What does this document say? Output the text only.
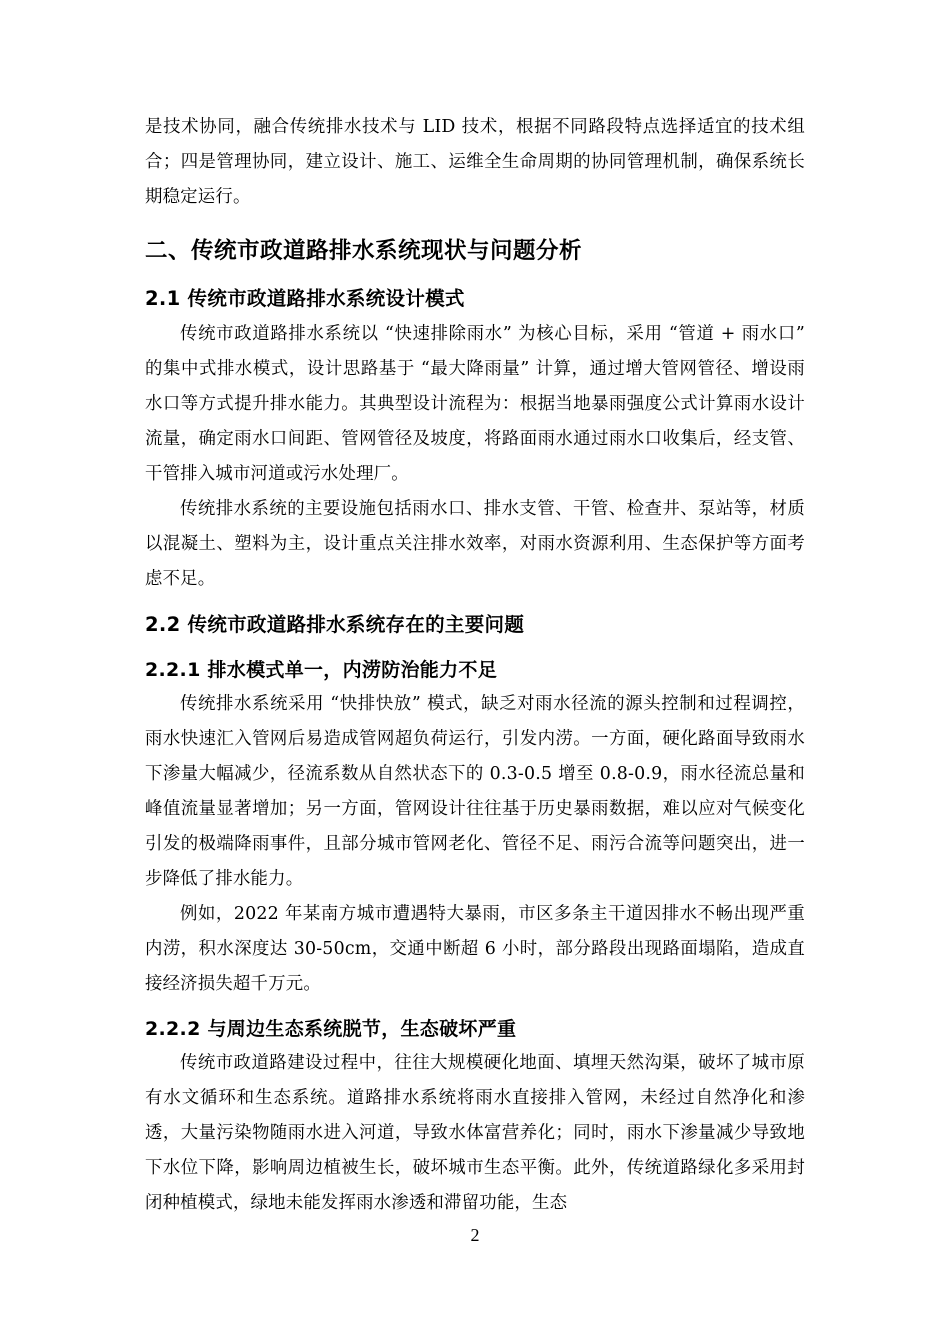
是技术协同，融合传统排水技术与 LID 技术，根据不同路段特点选择适宜的技术组合；四是管理协同，建立设计、施工、运维全生命周期的协同管理机制，确保系统长期稳定运行。

二、传统市政道路排水系统现状与问题分析
2.1 传统市政道路排水系统设计模式

传统市政道路排水系统以 “快速排除雨水” 为核心目标，采用 “管道 + 雨水口” 的集中式排水模式，设计思路基于 “最大降雨量” 计算，通过增大管网管径、增设雨水口等方式提升排水能力。其典型设计流程为：根据当地暴雨强度公式计算雨水设计流量，确定雨水口间距、管网管径及坡度，将路面雨水通过雨水口收集后，经支管、干管排入城市河道或污水处理厂。

传统排水系统的主要设施包括雨水口、排水支管、干管、检查井、泵站等，材质以混凝土、塑料为主，设计重点关注排水效率，对雨水资源利用、生态保护等方面考虑不足。

2.2 传统市政道路排水系统存在的主要问题
2.2.1 排水模式单一，内涝防治能力不足

传统排水系统采用 “快排快放” 模式，缺乏对雨水径流的源头控制和过程调控，雨水快速汇入管网后易造成管网超负荷运行，引发内涝。一方面，硬化路面导致雨水下渗量大幅减少，径流系数从自然状态下的 0.3-0.5 增至 0.8-0.9，雨水径流总量和峰值流量显著增加；另一方面，管网设计往往基于历史暴雨数据，难以应对气候变化引发的极端降雨事件，且部分城市管网老化、管径不足、雨污合流等问题突出，进一步降低了排水能力。

例如，2022 年某南方城市遭遇特大暴雨，市区多条主干道因排水不畅出现严重内涝，积水深度达 30-50cm，交通中断超 6 小时，部分路段出现路面塌陷，造成直接经济损失超千万元。

2.2.2 与周边生态系统脱节，生态破坏严重

传统市政道路建设过程中，往往大规模硬化地面、填埋天然沟渠，破坏了城市原有水文循环和生态系统。道路排水系统将雨水直接排入管网，未经过自然净化和渗透，大量污染物随雨水进入河道，导致水体富营养化；同时，雨水下渗量减少导致地下水位下降，影响周边植被生长，破坏城市生态平衡。此外，传统道路绿化多采用封闭种植模式，绿地未能发挥雨水渗透和滞留功能，生态

2
